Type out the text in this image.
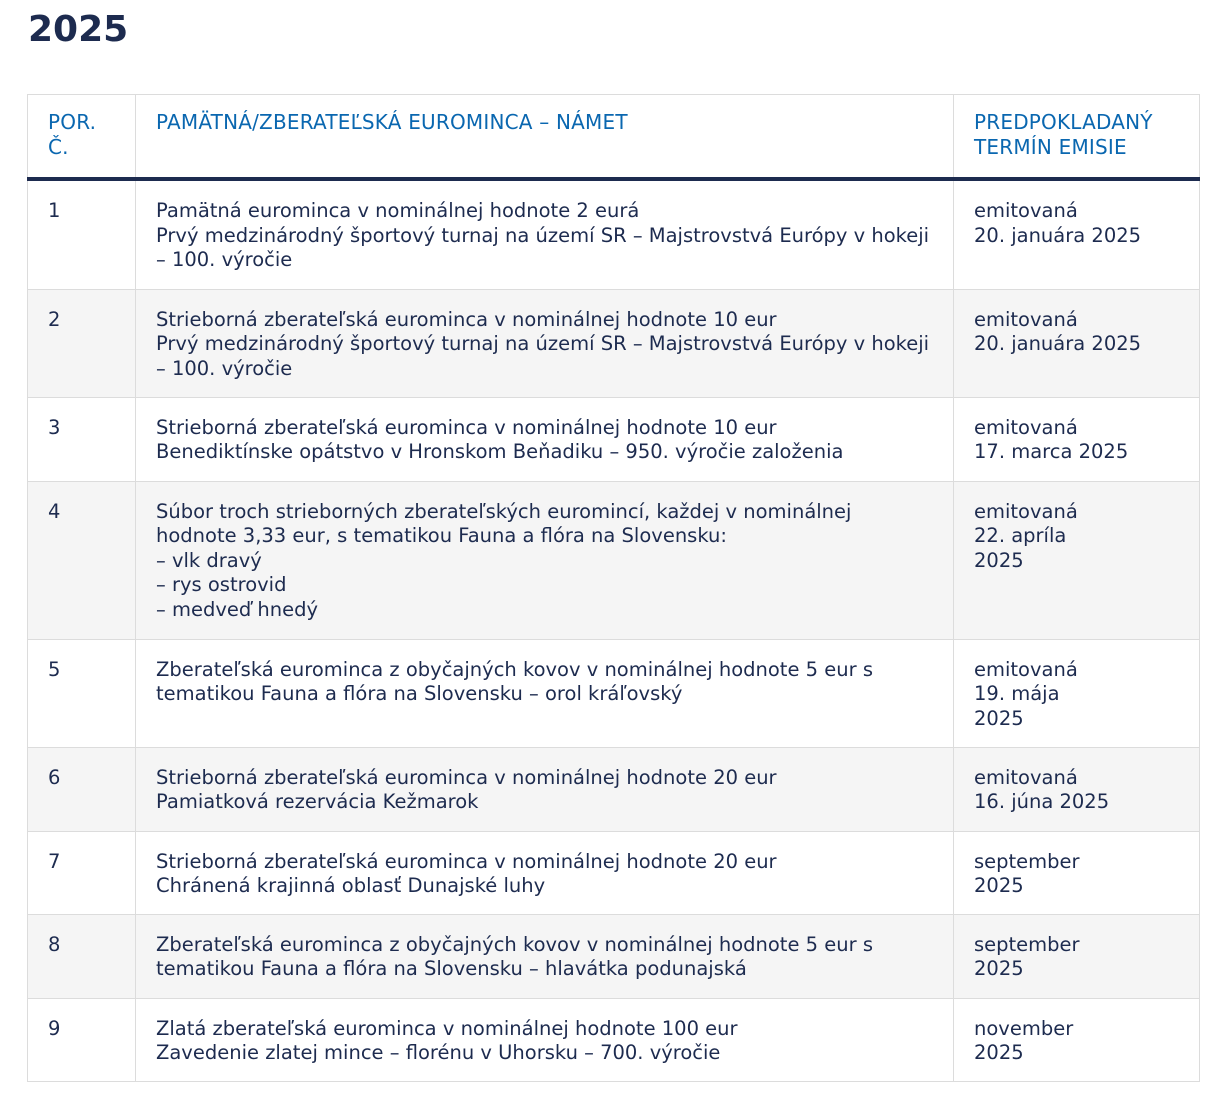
2025
POR. Č.	PAMÄTNÁ/ZBERATEĽSKÁ EUROMINCA – NÁMET	PREDPOKLADANÝ TERMÍN EMISIE
1	Pamätná eurominca v nominálnej hodnote 2 eurá
Prvý medzinárodný športový turnaj na území SR – Majstrovstvá Európy v hokeji – 100. výročie	emitovaná
20. januára 2025
2	Strieborná zberateľská eurominca v nominálnej hodnote 10 eur
Prvý medzinárodný športový turnaj na území SR – Majstrovstvá Európy v hokeji – 100. výročie	emitovaná
20. januára 2025
3	Strieborná zberateľská eurominca v nominálnej hodnote 10 eur
Benediktínske opátstvo v Hronskom Beňadiku – 950. výročie založenia	emitovaná
17. marca 2025
4	Súbor troch strieborných zberateľských euromincí, každej v nominálnej hodnote 3,33 eur, s tematikou Fauna a flóra na Slovensku:
– vlk dravý
– rys ostrovid
– medveď hnedý	emitovaná
22. apríla
2025
5	Zberateľská eurominca z obyčajných kovov v nominálnej hodnote 5 eur s tematikou Fauna a flóra na Slovensku – orol kráľovský	emitovaná
19. mája
2025
6	Strieborná zberateľská eurominca v nominálnej hodnote 20 eur
Pamiatková rezervácia Kežmarok	emitovaná
16. júna 2025
7	Strieborná zberateľská eurominca v nominálnej hodnote 20 eur
Chránená krajinná oblasť Dunajské luhy	september
2025
8	Zberateľská eurominca z obyčajných kovov v nominálnej hodnote 5 eur s tematikou Fauna a flóra na Slovensku – hlavátka podunajská	september
2025
9	Zlatá zberateľská eurominca v nominálnej hodnote 100 eur
Zavedenie zlatej mince – florénu v Uhorsku – 700. výročie	november
2025
